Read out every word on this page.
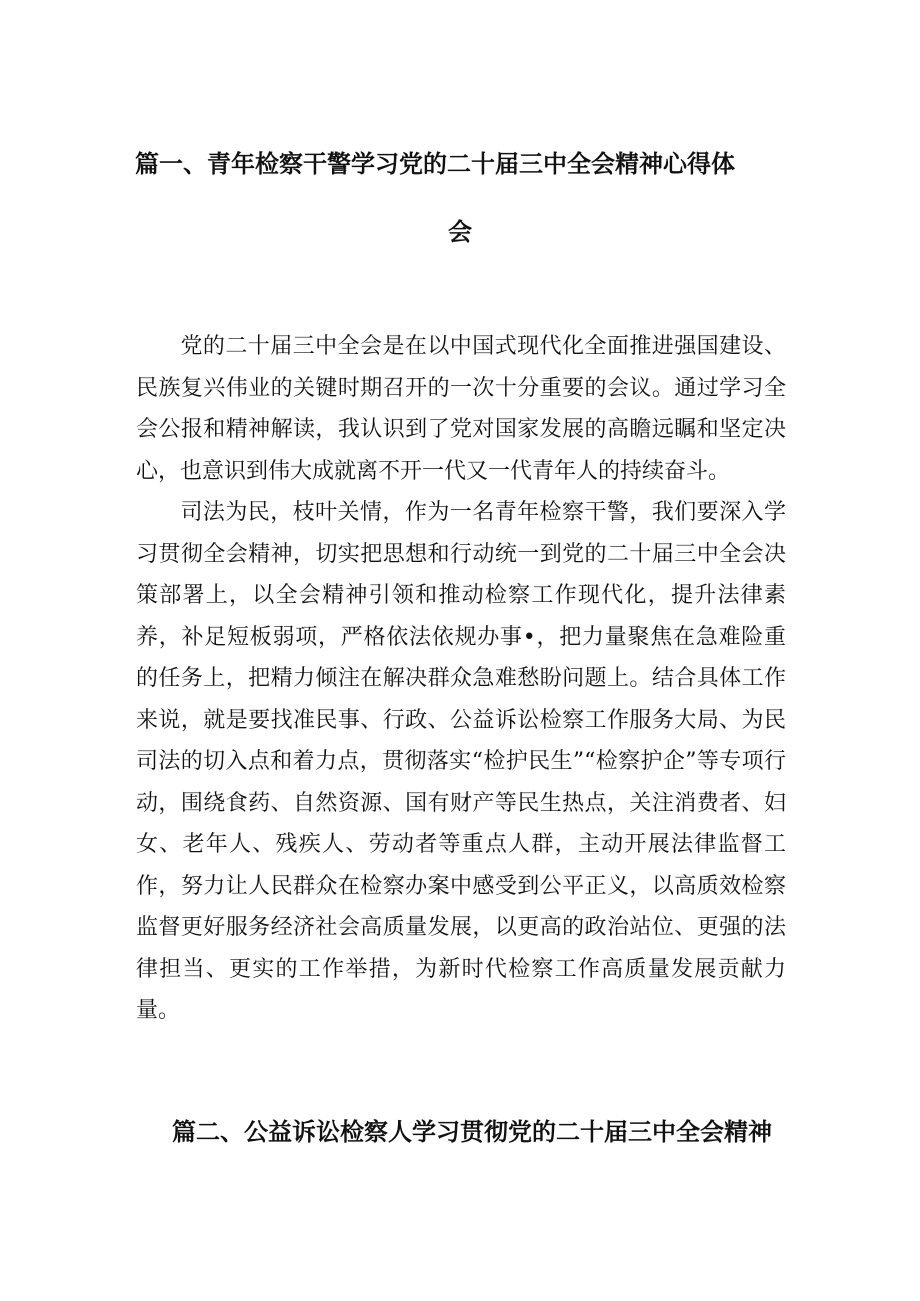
篇一、青年检察干警学习党的二十届三中全会精神心得体
会

党的二十届三中全会是在以中国式现代化全面推进强国建设、民族复兴伟业的关键时期召开的一次十分重要的会议。通过学习全会公报和精神解读，我认识到了党对国家发展的高瞻远瞩和坚定决心，也意识到伟大成就离不开一代又一代青年人的持续奋斗。

司法为民，枝叶关情，作为一名青年检察干警，我们要深入学习贯彻全会精神，切实把思想和行动统一到党的二十届三中全会决策部署上，以全会精神引领和推动检察工作现代化，提升法律素养，补足短板弱项，严格依法依规办事•，把力量聚焦在急难险重的任务上，把精力倾注在解决群众急难愁盼问题上。结合具体工作来说，就是要找准民事、行政、公益诉讼检察工作服务大局、为民司法的切入点和着力点，贯彻落实“检护民生”“检察护企”等专项行动，围绕食药、自然资源、国有财产等民生热点，关注消费者、妇女、老年人、残疾人、劳动者等重点人群，主动开展法律监督工作，努力让人民群众在检察办案中感受到公平正义，以高质效检察监督更好服务经济社会高质量发展，以更高的政治站位、更强的法律担当、更实的工作举措，为新时代检察工作高质量发展贡献力量。

篇二、公益诉讼检察人学习贯彻党的二十届三中全会精神
